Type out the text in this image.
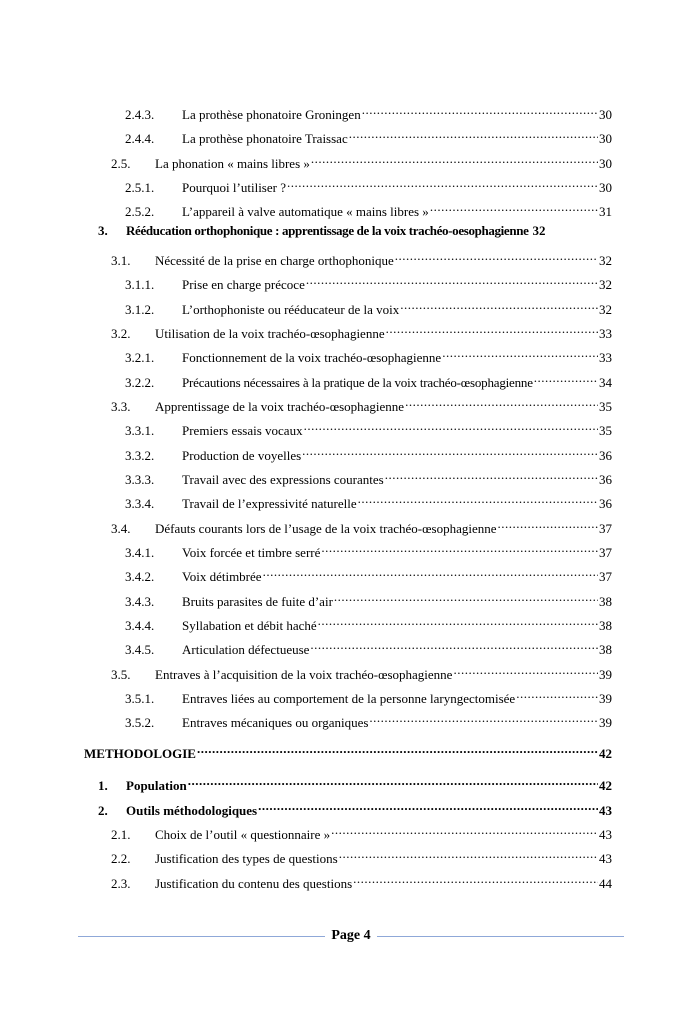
2.4.3.	La prothèse phonatoire Groningen .....	30
2.4.4.	La prothèse phonatoire Traissac .....	30
2.5.	La phonation « mains libres » .....	30
2.5.1.	Pourquoi l’utiliser ? .....	30
2.5.2.	L’appareil à valve automatique « mains libres » .....	31
3.	Rééducation orthophonique : apprentissage de la voix trachéo-oesophagienne 32
3.1.	Nécessité de la prise en charge orthophonique .....	32
3.1.1.	Prise en charge précoce .....	32
3.1.2.	L’orthophoniste ou rééducateur de la voix .....	32
3.2.	Utilisation de la voix trachéo-œsophagienne .....	33
3.2.1.	Fonctionnement de la voix trachéo-œsophagienne .....	33
3.2.2.	Précautions nécessaires à la pratique de la voix trachéo-œsophagienne .....	34
3.3.	Apprentissage de la voix trachéo-œsophagienne .....	35
3.3.1.	Premiers essais vocaux .....	35
3.3.2.	Production de voyelles .....	36
3.3.3.	Travail avec des expressions courantes .....	36
3.3.4.	Travail de l’expressivité naturelle .....	36
3.4.	Défauts courants lors de l’usage de la voix trachéo-œsophagienne .....	37
3.4.1.	Voix forcée et timbre serré .....	37
3.4.2.	Voix détimbrée .....	37
3.4.3.	Bruits parasites de fuite d’air .....	38
3.4.4.	Syllabation et débit haché .....	38
3.4.5.	Articulation défectueuse .....	38
3.5.	Entraves à l’acquisition de la voix trachéo-œsophagienne .....	39
3.5.1.	Entraves liées au comportement de la personne laryngectomisée .....	39
3.5.2.	Entraves mécaniques ou organiques .....	39
METHODOLOGIE .....	42
1.	Population .....	42
2.	Outils méthodologiques .....	43
2.1.	Choix de l’outil « questionnaire » .....	43
2.2.	Justification des types de questions .....	43
2.3.	Justification du contenu des questions .....	44
Page 4
